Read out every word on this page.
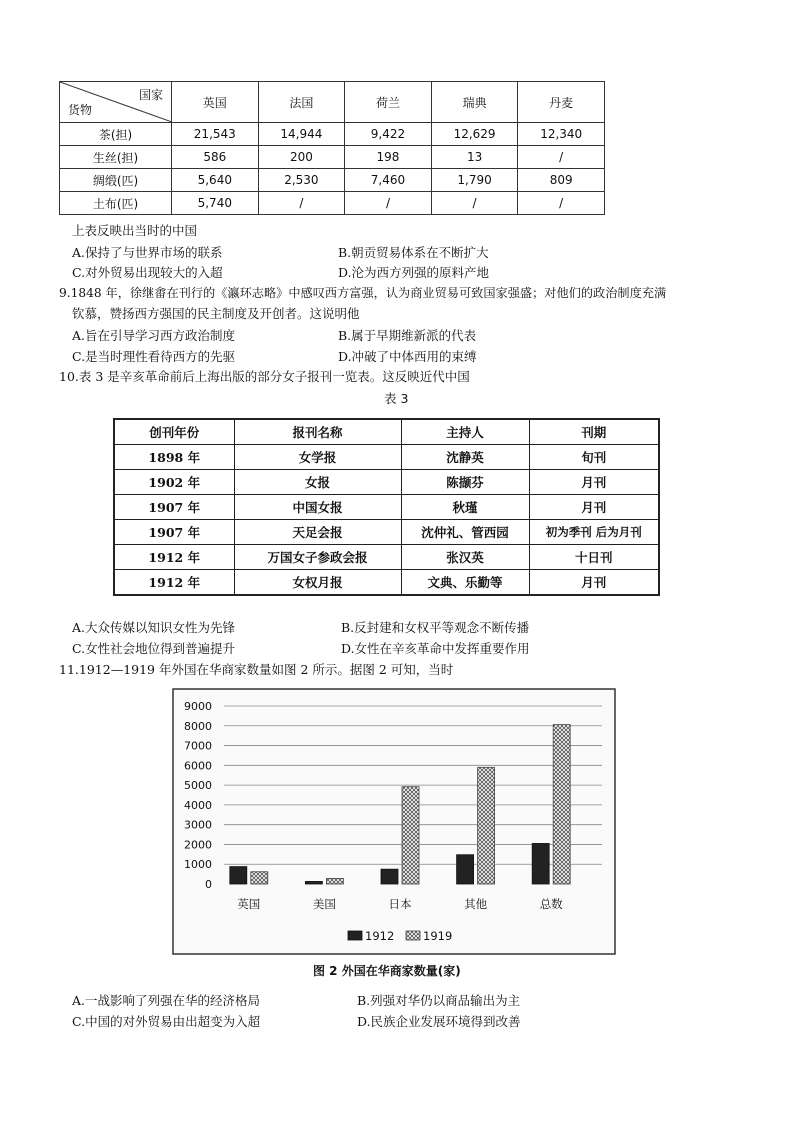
国家
货物	英国	法国	荷兰	瑞典	丹麦
茶(担)	21,543	14,944	9,422	12,629	12,340
生丝(担)	586	200	198	13	/
绸缎(匹)	5,640	2,530	7,460	1,790	809
土布(匹)	5,740	/	/	/	/
上表反映出当时的中国
A.保持了与世界市场的联系	B.朝贡贸易体系在不断扩大
C.对外贸易出现较大的入超	D.沦为西方列强的原料产地
9.1848 年，徐继畬在刊行的《瀛环志略》中感叹西方富强，认为商业贸易可致国家强盛；对他们的政治制度充满
钦慕，赞扬西方强国的民主制度及开创者。这说明他
A.旨在引导学习西方政治制度	B.属于早期维新派的代表
C.是当时理性看待西方的先驱	D.冲破了中体西用的束缚
10.表 3 是辛亥革命前后上海出版的部分女子报刊一览表。这反映近代中国
表 3
创刊年份	报刊名称	主持人	刊期
1898 年	女学报	沈静英	旬刊
1902 年	女报	陈撷芬	月刊
1907 年	中国女报	秋瑾	月刊
1907 年	天足会报	沈仲礼、管西园	初为季刊 后为月刊
1912 年	万国女子参政会报	张汉英	十日刊
1912 年	女权月报	文典、乐勤等	月刊
A.大众传媒以知识女性为先锋	B.反封建和女权平等观念不断传播
C.女性社会地位得到普遍提升	D.女性在辛亥革命中发挥重要作用
11.1912—1919 年外国在华商家数量如图 2 所示。据图 2 可知，当时
0
1000
2000
3000
4000
5000
6000
7000
8000
9000
英国	美国	日本	其他	总数
1912 1919
图 2 外国在华商家数量(家)
A.一战影响了列强在华的经济格局	B.列强对华仍以商品输出为主
C.中国的对外贸易由出超变为入超	D.民族企业发展环境得到改善
